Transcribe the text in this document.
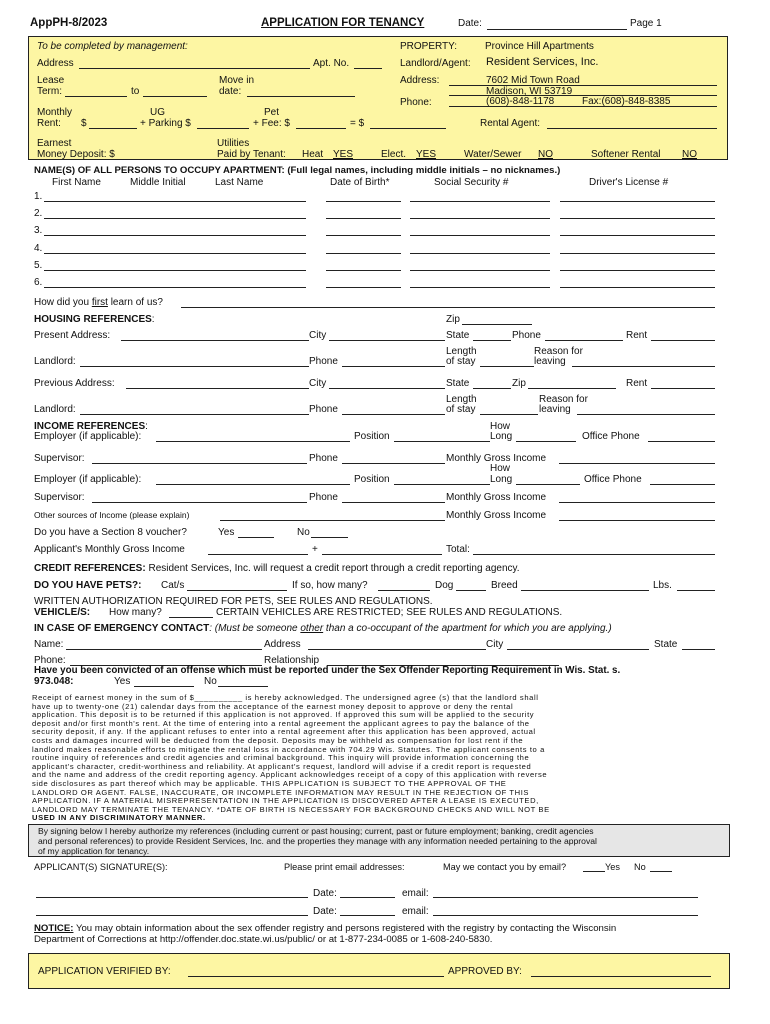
AppPH-8/2023	APPLICATION FOR TENANCY	Date:	Page 1
To be completed by management:	PROPERTY:	Province Hill Apartments
Address	Apt. No.	Landlord/Agent: Resident Services, Inc.
Lease
Term:	to
Move in
date:
Address:	7602 Mid Town Road
Madison, WI 53719
Phone:	(608)-848-1178	Fax:(608)-848-8385
Monthly
Rent: $
UG
+ Parking $
Pet
+ Fee: $	= $	Rental Agent:
Earnest
Money Deposit: $
Utilities
Paid by Tenant: Heat YES	Elect. YES	Water/Sewer NO	Softener Rental NO
NAME(S) OF ALL PERSONS TO OCCUPY APARTMENT: (Full legal names, including middle initials – no nicknames.)
First Name	Middle Initial	Last Name	Date of Birth*	Social Security #	Driver's License #
1.
2.
3.
4.
5.
6.
How did you first learn of us?
HOUSING REFERENCES:	Zip
Present Address:	City	State	Phone	Rent
Length	Reason for
Landlord:	Phone	of stay	leaving
Previous Address:	City	State	Zip	Rent
Length	Reason for
Landlord:	Phone	of stay	leaving
INCOME REFERENCES:	How
Employer (if applicable):	Position	Long	Office Phone
Supervisor:	Phone	Monthly Gross Income
How
Employer (if applicable):	Position	Long	Office Phone
Supervisor:	Phone	Monthly Gross Income
Other sources of Income (please explain)	Monthly Gross Income
Do you have a Section 8 voucher?	Yes	No
Applicant's Monthly Gross Income	+	Total:
CREDIT REFERENCES: Resident Services, Inc. will request a credit report through a credit reporting agency.
DO YOU HAVE PETS?: Cat/s	If so, how many?	Dog	Breed	Lbs.
WRITTEN AUTHORIZATION REQUIRED FOR PETS, SEE RULES AND REGULATIONS.
VEHICLE/S: How many?	CERTAIN VEHICLES ARE RESTRICTED; SEE RULES AND REGULATIONS.
IN CASE OF EMERGENCY CONTACT: (Must be someone other than a co-occupant of the apartment for which you are applying.)
Name:	Address	City	State
Phone:	Relationship
Have you been convicted of an offense which must be reported under the Sex Offender Reporting Requirement in Wis. Stat. s.
973.048:	Yes	No
Receipt of earnest money in the sum of $__________ is hereby acknowledged. The undersigned agree (s) that the landlord shall
have up to twenty-one (21) calendar days from the acceptance of the earnest money deposit to approve or deny the rental
application. This deposit is to be returned if this application is not approved. If approved this sum will be applied to the security
deposit and/or first month's rent. At the time of entering into a rental agreement the applicant agrees to pay the balance of the
security deposit, if any. If the applicant refuses to enter into a rental agreement after this application has been approved, actual
costs and damages incurred will be deducted from the deposit. Deposits may be withheld as compensation for lost rent if the
landlord makes reasonable efforts to mitigate the rental loss in accordance with 704.29 Wis. Statutes. The applicant consents to a
routine inquiry of references and credit agencies and criminal background. This inquiry will provide information concerning the
applicant's character, credit-worthiness and reliability. At applicant's request, landlord will advise if a credit report is requested
and the name and address of the credit reporting agency. Applicant acknowledges receipt of a copy of this application with reverse
side disclosures as part thereof which may be applicable. THIS APPLICATION IS SUBJECT TO THE APPROVAL OF THE
LANDLORD OR AGENT. FALSE, INACCURATE, OR INCOMPLETE INFORMATION MAY RESULT IN THE REJECTION OF THIS
APPLICATION. IF A MATERIAL MISREPRESENTATION IN THE APPLICATION IS DISCOVERED AFTER A LEASE IS EXECUTED,
LANDLORD MAY TERMINATE THE TENANCY. *DATE OF BIRTH IS NECESSARY FOR BACKGROUND CHECKS AND WILL NOT BE
USED IN ANY DISCRIMINATORY MANNER.
By signing below I hereby authorize my references (including current or past housing; current, past or future employment; banking, credit agencies
and personal references) to provide Resident Services, Inc. and the properties they manage with any information needed pertaining to the approval
of my application for tenancy.
APPLICANT(S) SIGNATURE(S):	Please print email addresses:	May we contact you by email?	Yes No
Date:	email:
Date:	email:
NOTICE: You may obtain information about the sex offender registry and persons registered with the registry by contacting the Wisconsin
Department of Corrections at http://offender.doc.state.wi.us/public/ or at 1-877-234-0085 or 1-608-240-5830.
APPLICATION VERIFIED BY:	APPROVED BY:
